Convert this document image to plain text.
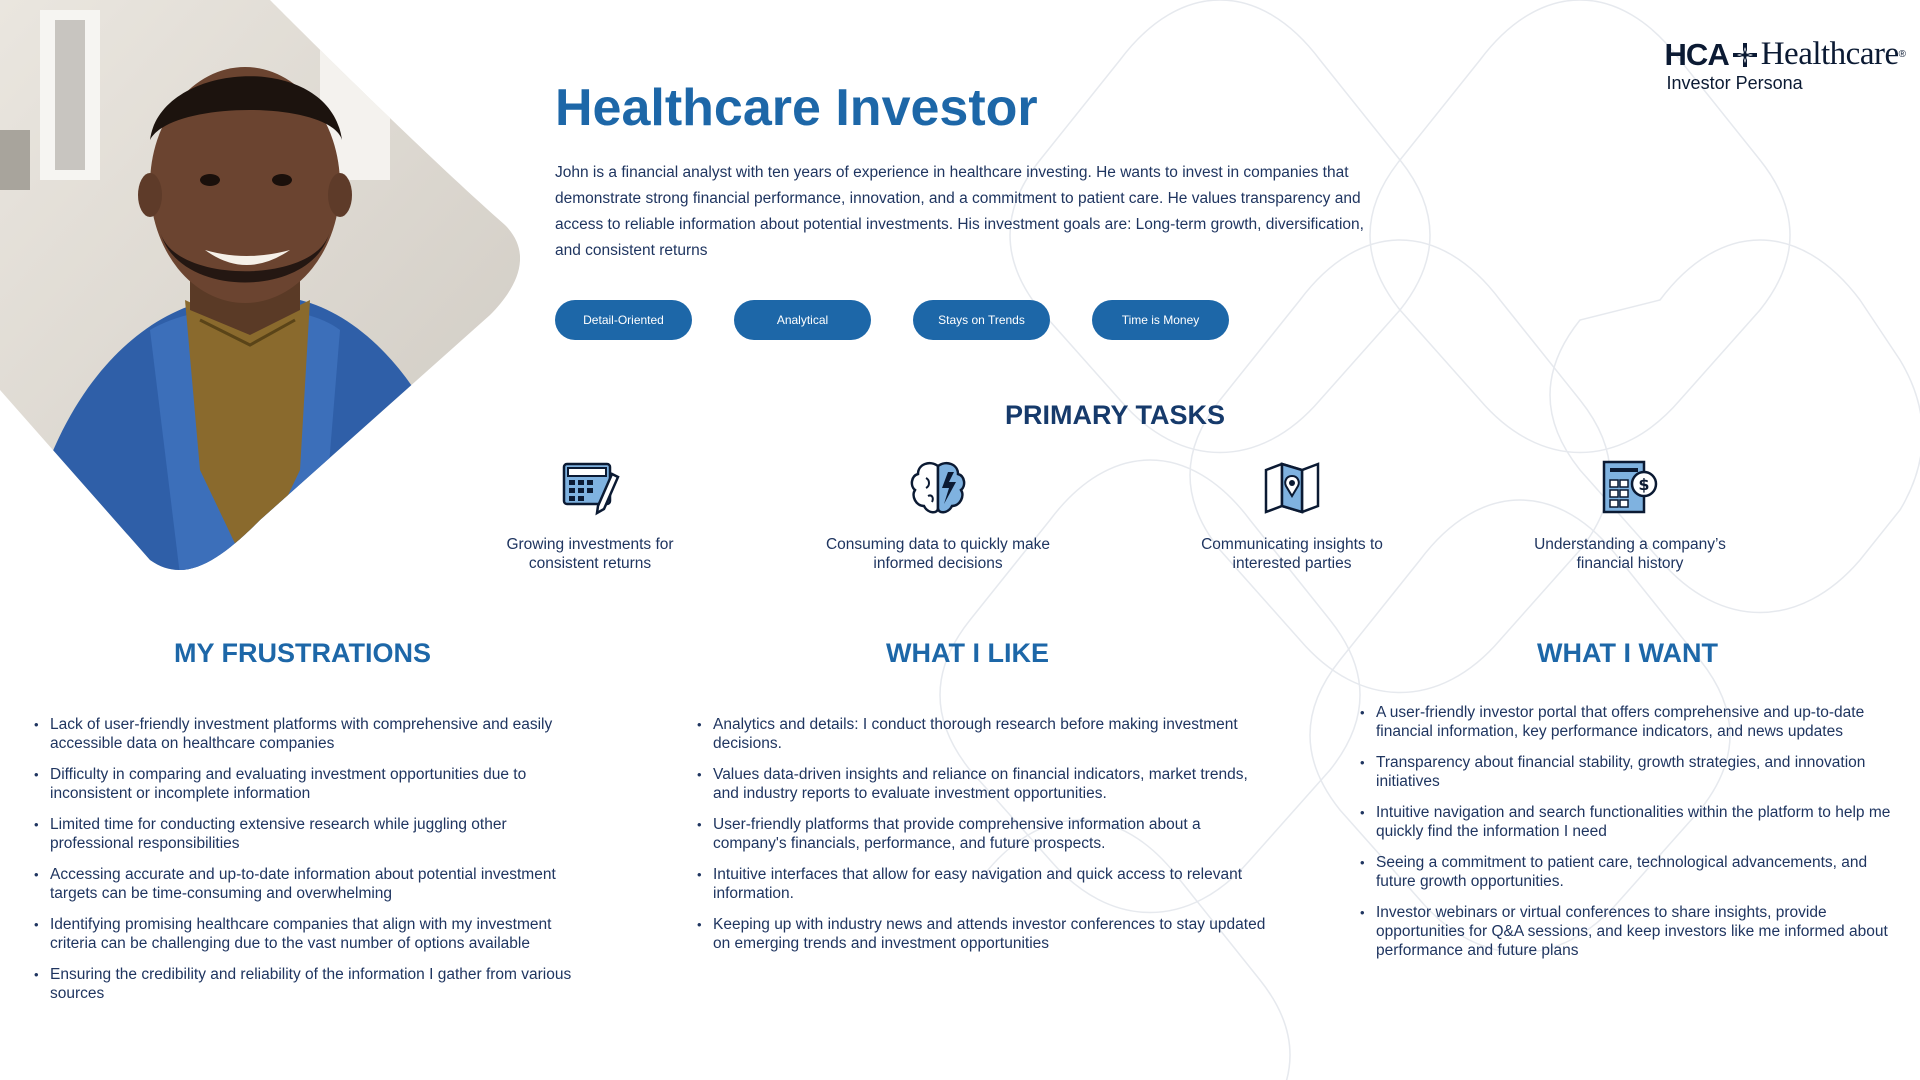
HCA Healthcare ®
Investor Persona
Healthcare Investor

John is a financial analyst with ten years of experience in healthcare investing. He wants to invest in companies that demonstrate strong financial performance, innovation, and a commitment to patient care. He values transparency and access to reliable information about potential investments. His investment goals are: Long-term growth, diversification, and consistent returns

Detail-Oriented	Analytical	Stays on Trends	Time is Money
PRIMARY TASKS
Growing investments for consistent returns
Consuming data to quickly make informed decisions
Communicating insights to interested parties
$
Understanding a company’s financial history
MY FRUSTRATIONS
• Lack of user-friendly investment platforms with comprehensive and easily accessible data on healthcare companies
• Difficulty in comparing and evaluating investment opportunities due to inconsistent or incomplete information
• Limited time for conducting extensive research while juggling other professional responsibilities
• Accessing accurate and up-to-date information about potential investment targets can be time-consuming and overwhelming
• Identifying promising healthcare companies that align with my investment criteria can be challenging due to the vast number of options available
• Ensuring the credibility and reliability of the information I gather from various sources
WHAT I LIKE
• Analytics and details: I conduct thorough research before making investment decisions.
• Values data-driven insights and reliance on financial indicators, market trends, and industry reports to evaluate investment opportunities.
• User-friendly platforms that provide comprehensive information about a company's financials, performance, and future prospects.
• Intuitive interfaces that allow for easy navigation and quick access to relevant information.
• Keeping up with industry news and attends investor conferences to stay updated on emerging trends and investment opportunities
WHAT I WANT
• A user-friendly investor portal that offers comprehensive and up-to-date financial information, key performance indicators, and news updates
• Transparency about financial stability, growth strategies, and innovation initiatives
• Intuitive navigation and search functionalities within the platform to help me quickly find the information I need
• Seeing a commitment to patient care, technological advancements, and future growth opportunities.
• Investor webinars or virtual conferences to share insights, provide opportunities for Q&A sessions, and keep investors like me informed about performance and future plans
